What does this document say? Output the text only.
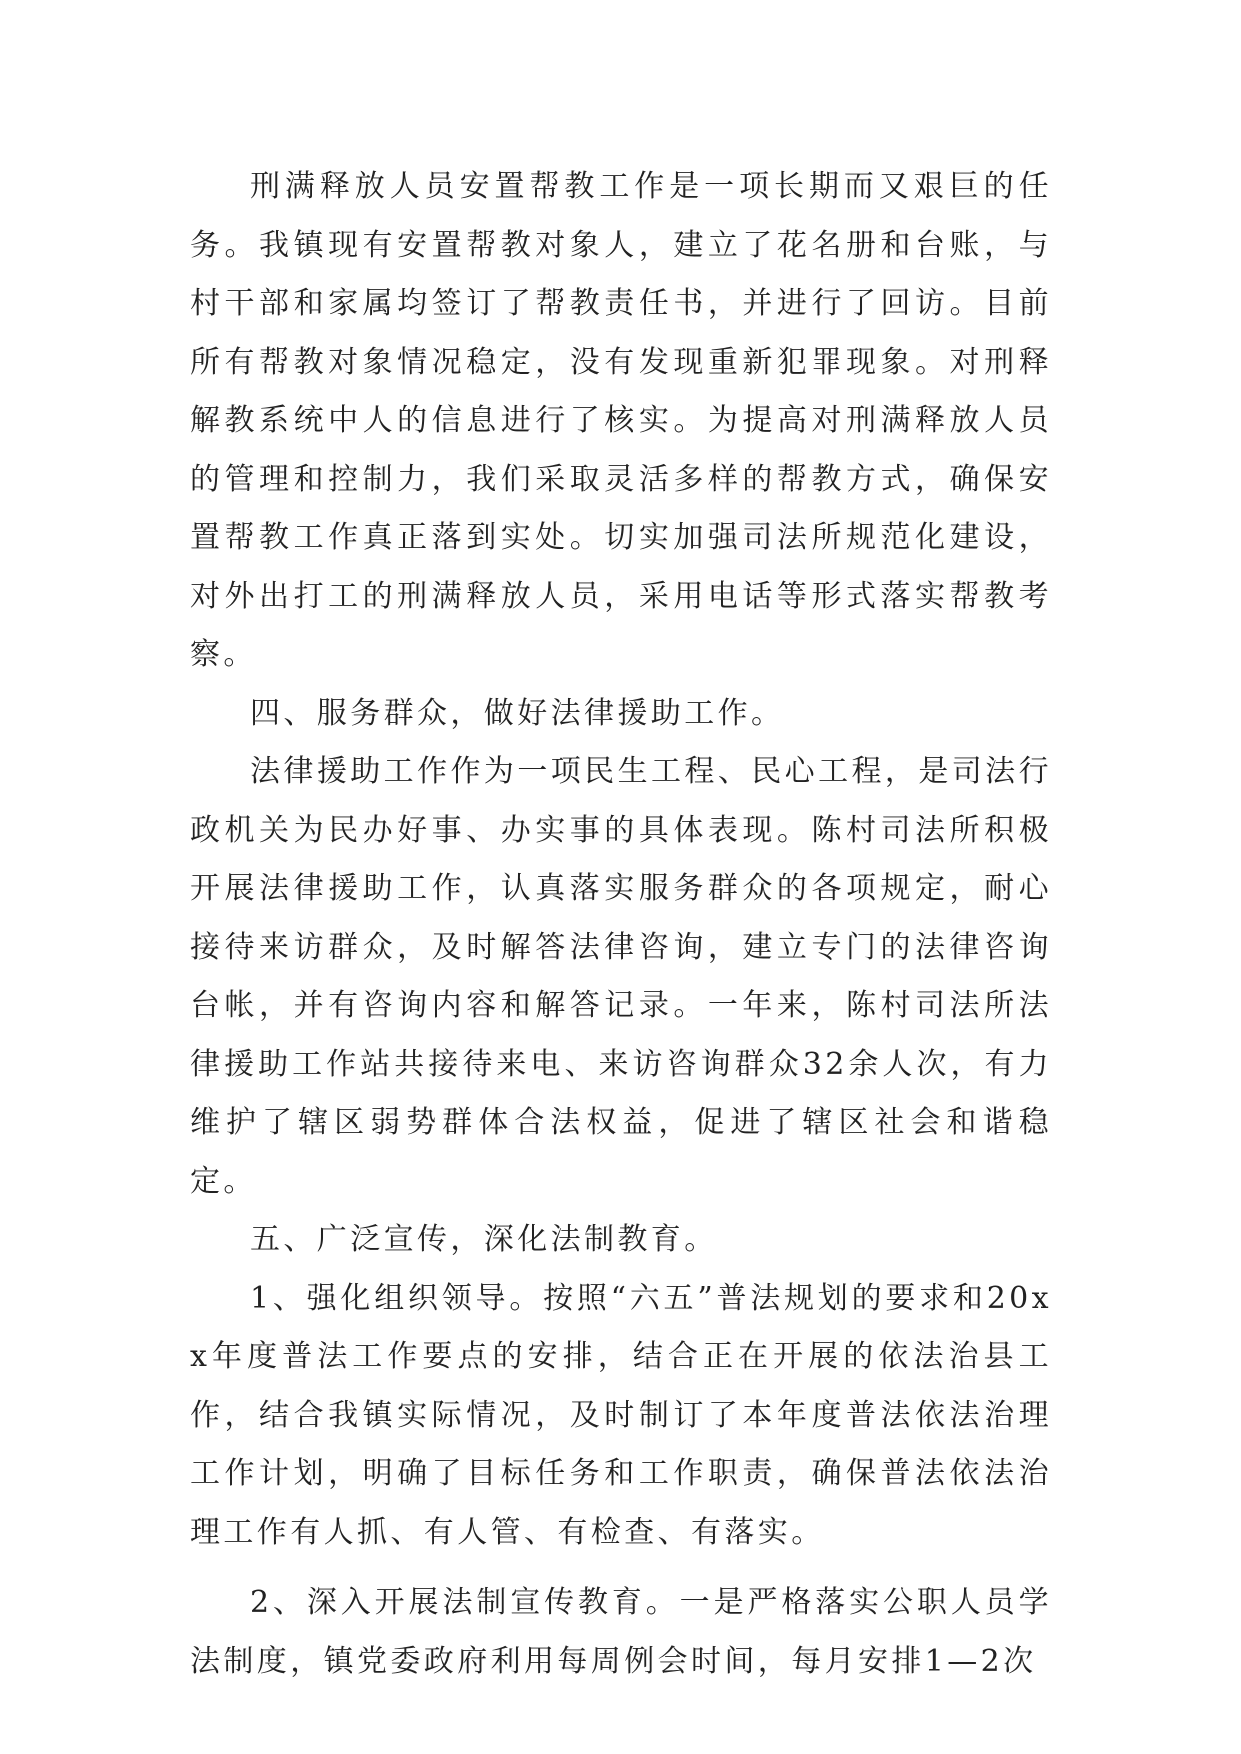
刑满释放人员安置帮教工作是一项长期而又艰巨的任务。我镇现有安置帮教对象人，建立了花名册和台账，与村干部和家属均签订了帮教责任书，并进行了回访。目前所有帮教对象情况稳定，没有发现重新犯罪现象。对刑释解教系统中人的信息进行了核实。为提高对刑满释放人员的管理和控制力，我们采取灵活多样的帮教方式，确保安置帮教工作真正落到实处。切实加强司法所规范化建设，对外出打工的刑满释放人员，采用电话等形式落实帮教考察。

四、服务群众，做好法律援助工作。

法律援助工作作为一项民生工程、民心工程，是司法行政机关为民办好事、办实事的具体表现。陈村司法所积极开展法律援助工作，认真落实服务群众的各项规定，耐心接待来访群众，及时解答法律咨询，建立专门的法律咨询台帐，并有咨询内容和解答记录。一年来，陈村司法所法律援助工作站共接待来电、来访咨询群众32余人次，有力维护了辖区弱势群体合法权益，促进了辖区社会和谐稳定。

五、广泛宣传，深化法制教育。

1、强化组织领导。按照“六五”普法规划的要求和20xx年度普法工作要点的安排，结合正在开展的依法治县工作，结合我镇实际情况，及时制订了本年度普法依法治理工作计划，明确了目标任务和工作职责，确保普法依法治理工作有人抓、有人管、有检查、有落实。

2、深入开展法制宣传教育。一是严格落实公职人员学法制度，镇党委政府利用每周例会时间，每月安排1—2次
